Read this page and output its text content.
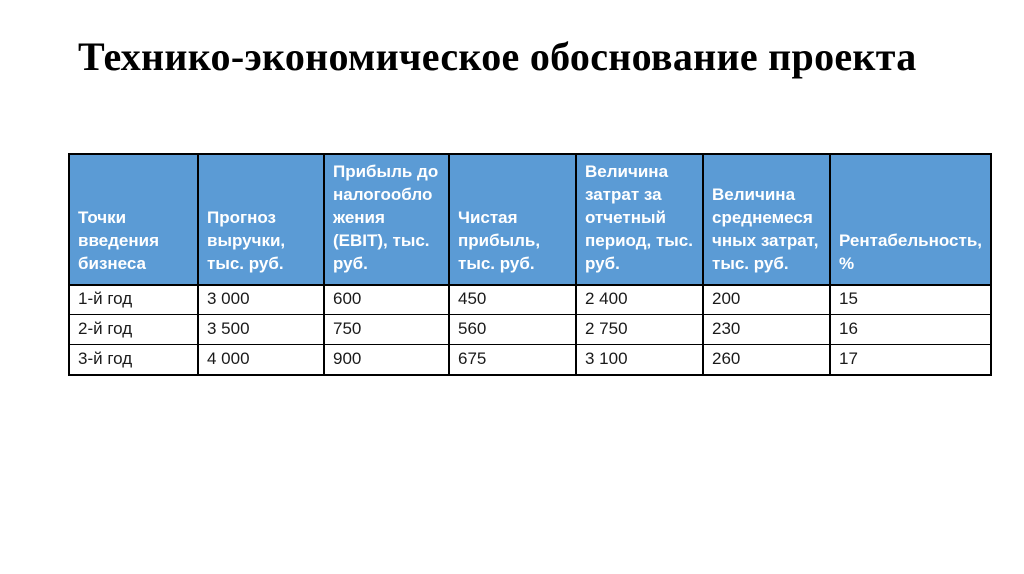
Технико-экономическое обоснование проекта
Точки введения бизнеса	Прогноз выручки, тыс. руб.	Прибыль до налогообложения (EBIT), тыс. руб.	Чистая прибыль, тыс. руб.	Величина затрат за отчетный период, тыс. руб.	Величина среднемесячных затрат, тыс. руб.	Рентабельность, %
1-й год	3 000	600	450	2 400	200	15
2-й год	3 500	750	560	2 750	230	16
3-й год	4 000	900	675	3 100	260	17
